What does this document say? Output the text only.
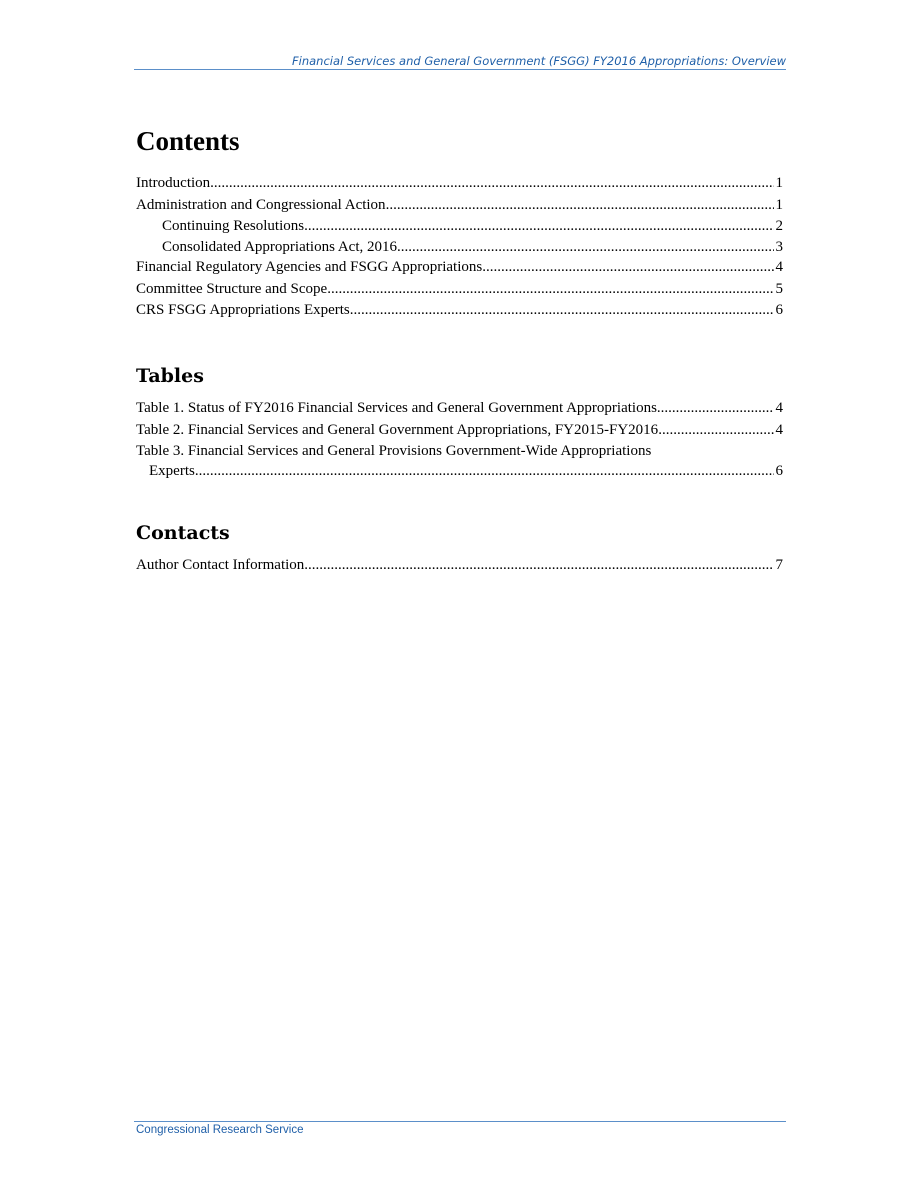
Financial Services and General Government (FSGG) FY2016 Appropriations: Overview
Contents
Introduction .....	1
Administration and Congressional Action .....	1
Continuing Resolutions .....	2
Consolidated Appropriations Act, 2016 .....	3
Financial Regulatory Agencies and FSGG Appropriations .....	4
Committee Structure and Scope .....	5
CRS FSGG Appropriations Experts .....	6
Tables
Table 1. Status of FY2016 Financial Services and General Government Appropriations .....	4
Table 2. Financial Services and General Government Appropriations, FY2015-FY2016 .....	4
Table 3. Financial Services and General Provisions Government-Wide Appropriations
Experts .....	6
Contacts
Author Contact Information .....	7
Congressional Research Service
